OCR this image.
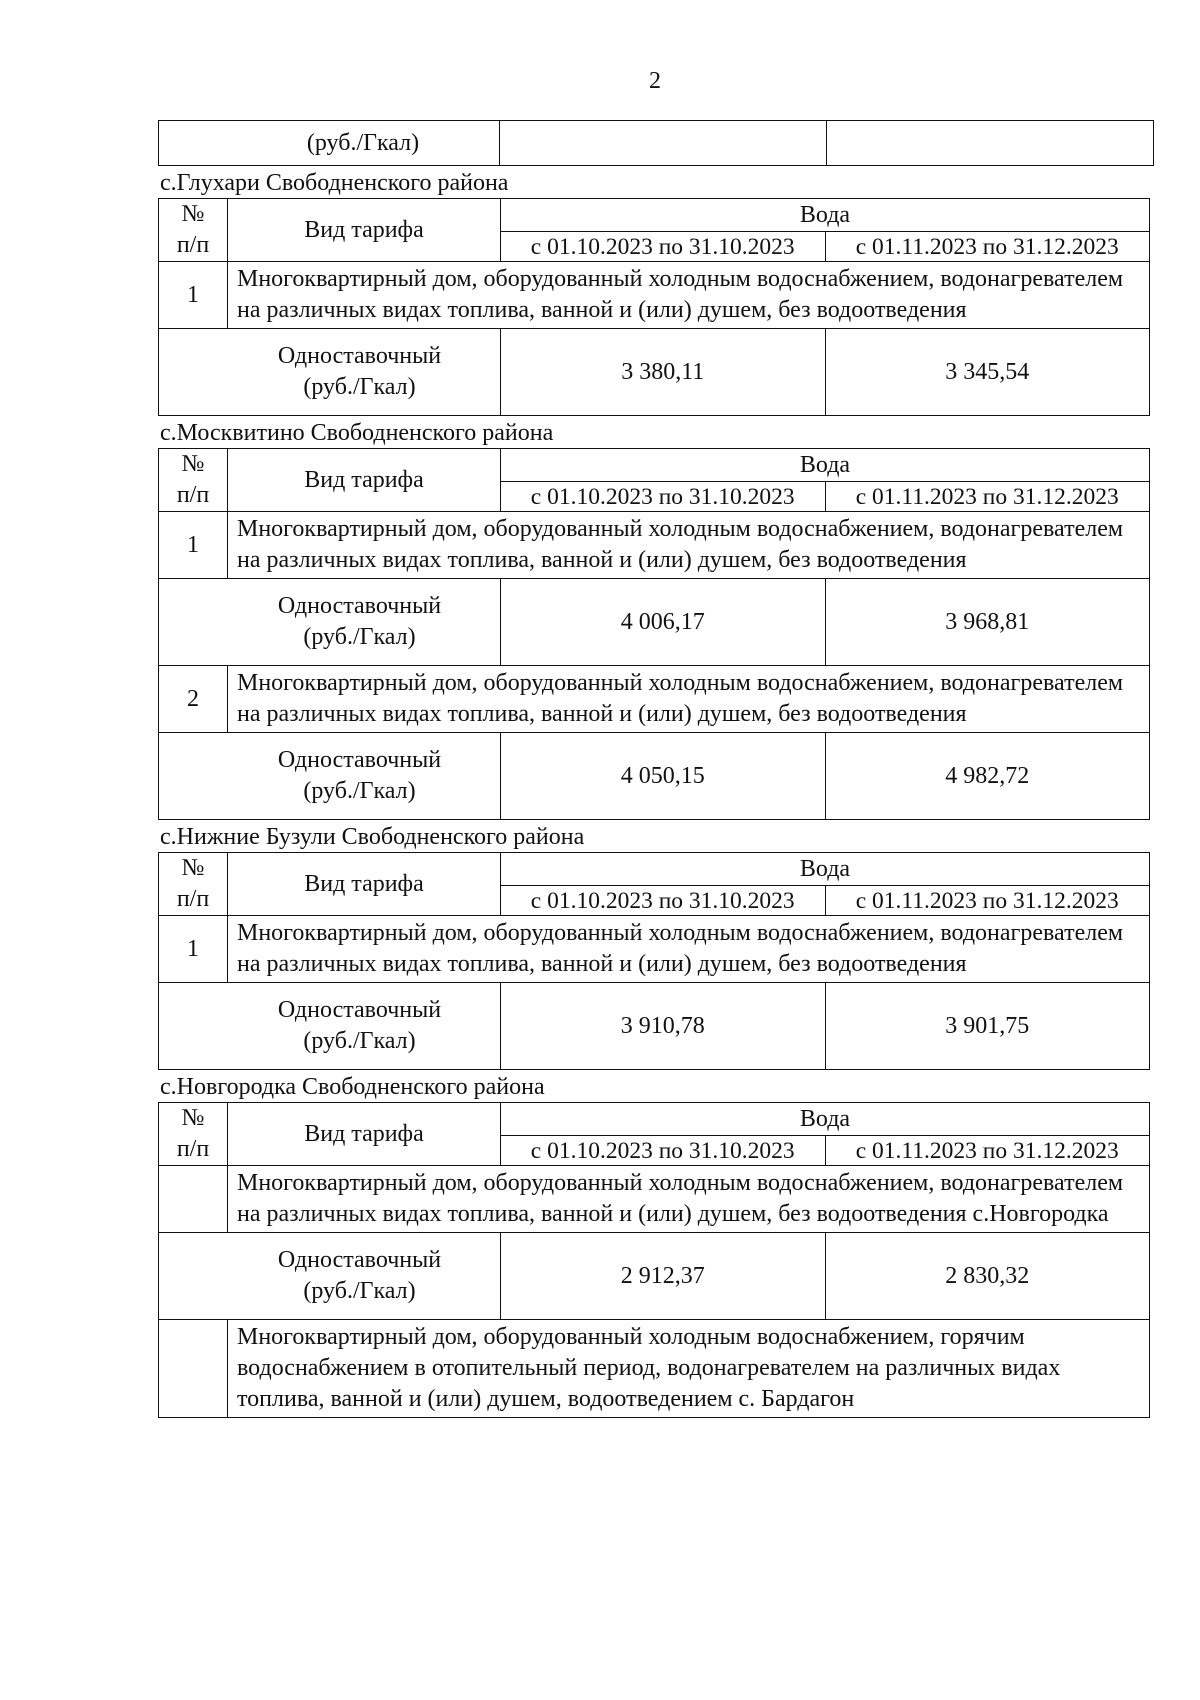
2
	(руб./Гкал)		
с.Глухари Свободненского района
№
п/п	Вид тарифа	Вода	
		с 01.10.2023 по 31.10.2023	с 01.11.2023 по 31.12.2023
1	Многоквартирный дом, оборудованный холодным водоснабжением, водонагревателем на различных видах топлива, ванной и (или) душем, без водоотведения		

Одноставочный
(руб./Гкал)		3 380,11	3 345,54
с.Москвитино Свободненского района
№
п/п	Вид тарифа	Вода	
		с 01.10.2023 по 31.10.2023	с 01.11.2023 по 31.12.2023
1	Многоквартирный дом, оборудованный холодным водоснабжением, водонагревателем на различных видах топлива, ванной и (или) душем, без водоотведения		

Одноставочный
(руб./Гкал)		4 006,17	3 968,81
2	Многоквартирный дом, оборудованный холодным водоснабжением, водонагревателем на различных видах топлива, ванной и (или) душем, без водоотведения		

Одноставочный
(руб./Гкал)		4 050,15	4 982,72
с.Нижние Бузули Свободненского района
№
п/п	Вид тарифа	Вода	
		с 01.10.2023 по 31.10.2023	с 01.11.2023 по 31.12.2023
1	Многоквартирный дом, оборудованный холодным водоснабжением, водонагревателем на различных видах топлива, ванной и (или) душем, без водоотведения		

Одноставочный
(руб./Гкал)		3 910,78	3 901,75
с.Новгородка Свободненского района
№
п/п	Вид тарифа	Вода	
		с 01.10.2023 по 31.10.2023	с 01.11.2023 по 31.12.2023
	Многоквартирный дом, оборудованный холодным водоснабжением, водонагревателем на различных видах топлива, ванной и (или) душем, без водоотведения с.Новгородка		

Одноставочный
(руб./Гкал)		2 912,37	2 830,32
	Многоквартирный дом, оборудованный холодным водоснабжением, горячим водоснабжением в отопительный период, водонагревателем на различных видах топлива, ванной и (или) душем, водоотведением с. Бардагон		
